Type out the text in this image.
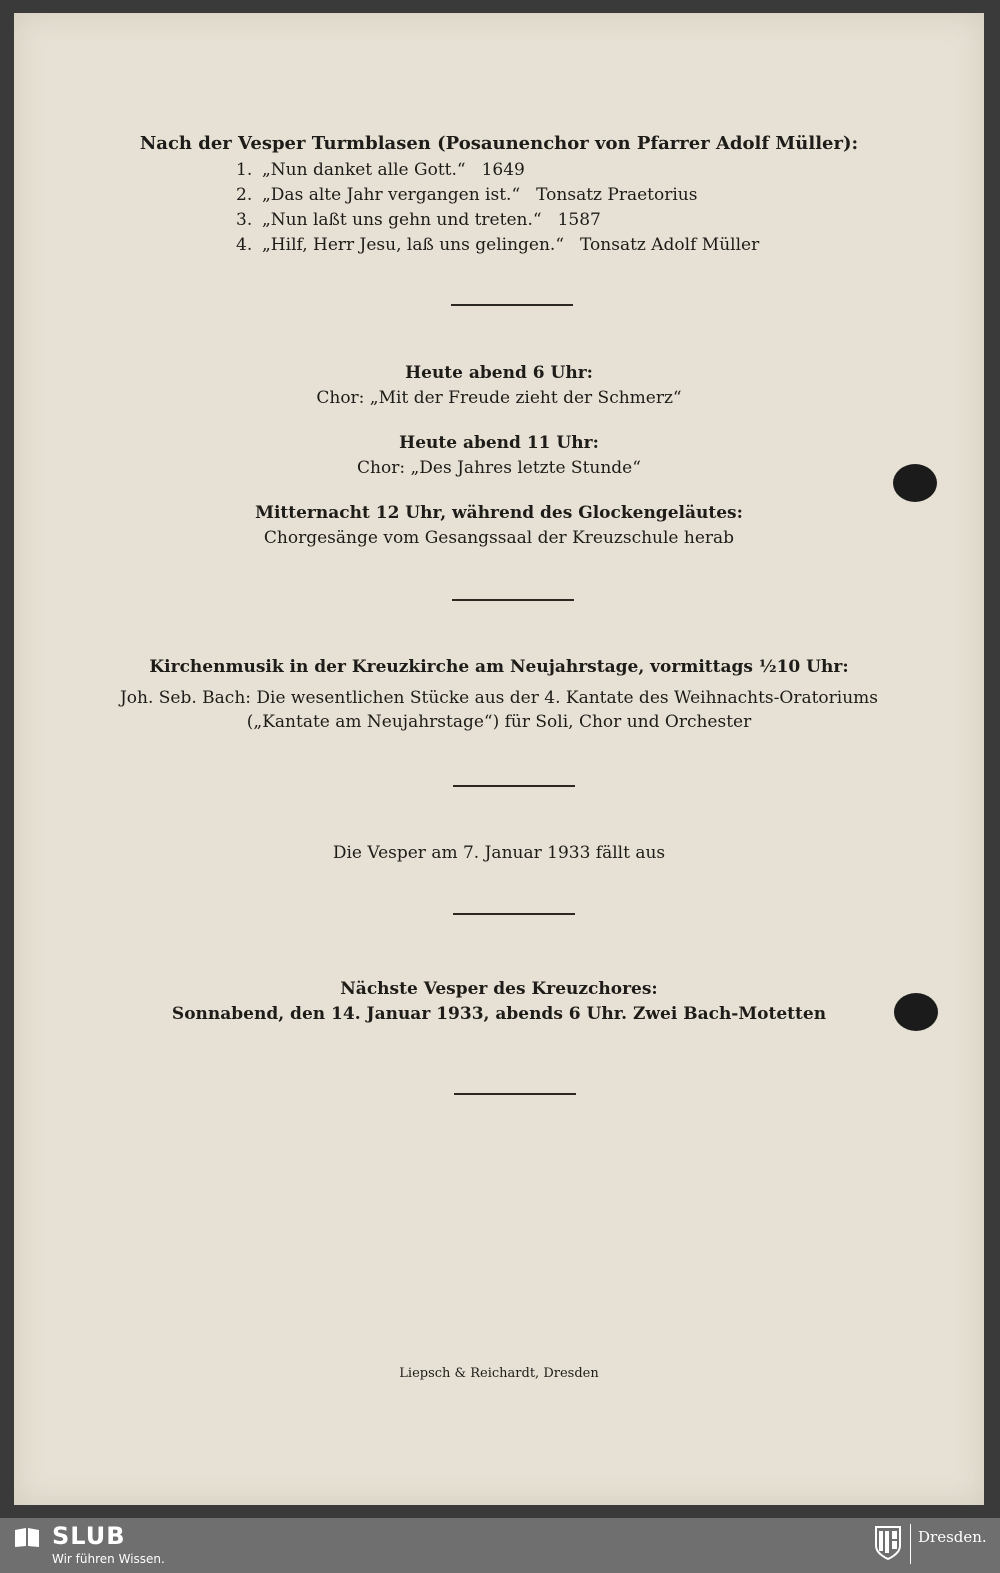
Nach der Vesper Turmblasen (Posaunenchor von Pfarrer Adolf Müller):
1. „Nun danket alle Gott.“ 1649
2. „Das alte Jahr vergangen ist.“ Tonsatz Praetorius
3. „Nun laßt uns gehn und treten.“ 1587
4. „Hilf, Herr Jesu, laß uns gelingen.“ Tonsatz Adolf Müller
Heute abend 6 Uhr:
Chor: „Mit der Freude zieht der Schmerz“
Heute abend 11 Uhr:
Chor: „Des Jahres letzte Stunde“
Mitternacht 12 Uhr, während des Glockengeläutes:
Chorgesänge vom Gesangssaal der Kreuzschule herab
Kirchenmusik in der Kreuzkirche am Neujahrstage, vormittags ½10 Uhr:
Joh. Seb. Bach: Die wesentlichen Stücke aus der 4. Kantate des Weihnachts-Oratoriums
(„Kantate am Neujahrstage“) für Soli, Chor und Orchester
Die Vesper am 7. Januar 1933 fällt aus
Nächste Vesper des Kreuzchores:
Sonnabend, den 14. Januar 1933, abends 6 Uhr. Zwei Bach-Motetten
Liepsch & Reichardt, Dresden
SLUB
Wir führen Wissen.
Dresden.
